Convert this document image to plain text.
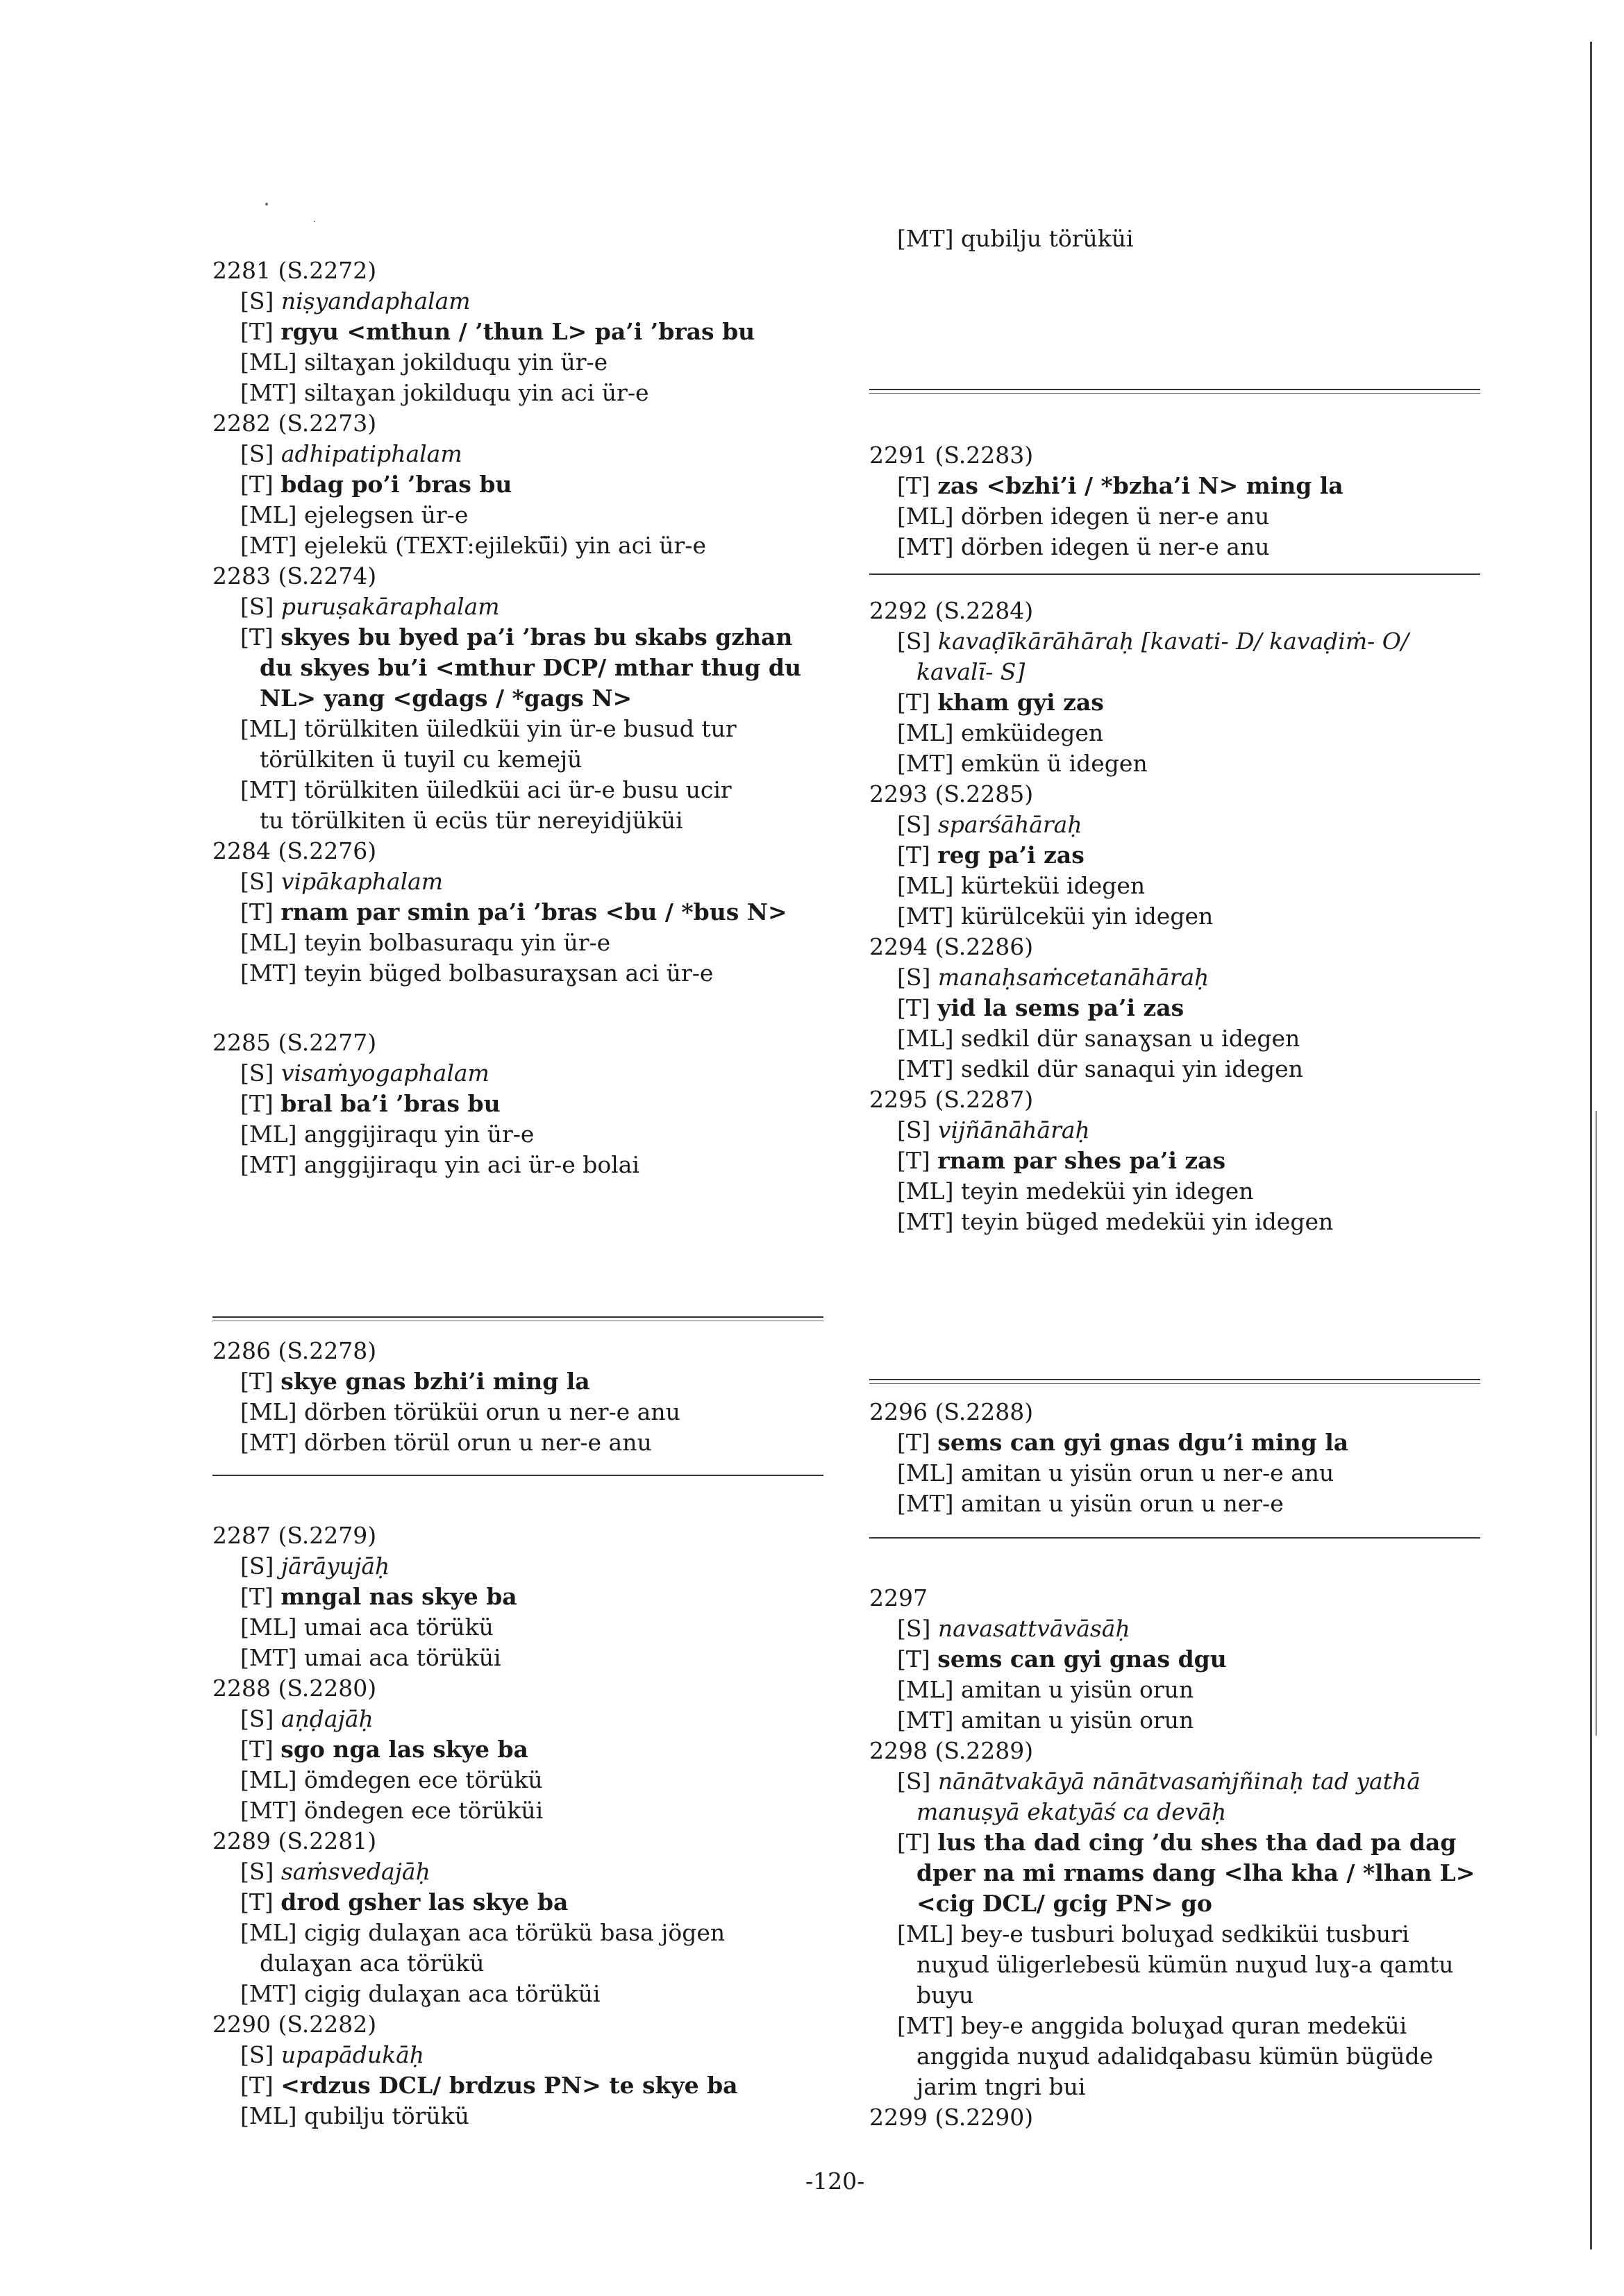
2281 (S.2272)
[S] niṣyandaphalam
[T] rgyu <mthun / ’thun L> pa’i ’bras bu
[ML] siltaɣan jokilduqu yin ür-e
[MT] siltaɣan jokilduqu yin aci ür-e
2282 (S.2273)
[S] adhipatiphalam
[T] bdag po’i ’bras bu
[ML] ejelegsen ür-e
[MT] ejelekü (TEXT:ejilekü̈i) yin aci ür-e
2283 (S.2274)
[S] puruṣakāraphalam
[T] skyes bu byed pa’i ’bras bu skabs gzhan
du skyes bu’i <mthur DCP/ mthar thug du
NL> yang <gdags / *gags N>
[ML] törülkiten üiledküi yin ür-e busud tur
törülkiten ü tuyil cu kemejü
[MT] törülkiten üiledküi aci ür-e busu ucir
tu törülkiten ü ecüs tür nereyidjüküi
2284 (S.2276)
[S] vipākaphalam
[T] rnam par smin pa’i ’bras <bu / *bus N>
[ML] teyin bolbasuraqu yin ür-e
[MT] teyin büged bolbasuraɣsan aci ür-e
2285 (S.2277)
[S] visaṁyogaphalam
[T] bral ba’i ’bras bu
[ML] anggijiraqu yin ür-e
[MT] anggijiraqu yin aci ür-e bolai
2286 (S.2278)
[T] skye gnas bzhi’i ming la
[ML] dörben törüküi orun u ner-e anu
[MT] dörben törül orun u ner-e anu
2287 (S.2279)
[S] jārāyujāḥ
[T] mngal nas skye ba
[ML] umai aca törükü
[MT] umai aca törüküi
2288 (S.2280)
[S] aṇḍajāḥ
[T] sgo nga las skye ba
[ML] ömdegen ece törükü
[MT] öndegen ece törüküi
2289 (S.2281)
[S] saṁsvedajāḥ
[T] drod gsher las skye ba
[ML] cigig dulaɣan aca törükü basa jögen
dulaɣan aca törükü
[MT] cigig dulaɣan aca törüküi
2290 (S.2282)
[S] upapādukāḥ
[T] <rdzus DCL/ brdzus PN> te skye ba
[ML] qubilju törükü
[MT] qubilju törüküi
2291 (S.2283)
[T] zas <bzhi’i / *bzha’i N> ming la
[ML] dörben idegen ü ner-e anu
[MT] dörben idegen ü ner-e anu
2292 (S.2284)
[S] kavaḍīkārāhāraḥ [kavati- D/ kavaḍiṁ- O/
kavalī- S]
[T] kham gyi zas
[ML] emküidegen
[MT] emkün ü idegen
2293 (S.2285)
[S] sparśāhāraḥ
[T] reg pa’i zas
[ML] kürteküi idegen
[MT] kürülceküi yin idegen
2294 (S.2286)
[S] manaḥsaṁcetanāhāraḥ
[T] yid la sems pa’i zas
[ML] sedkil dür sanaɣsan u idegen
[MT] sedkil dür sanaqui yin idegen
2295 (S.2287)
[S] vijñānāhāraḥ
[T] rnam par shes pa’i zas
[ML] teyin medeküi yin idegen
[MT] teyin büged medeküi yin idegen
2296 (S.2288)
[T] sems can gyi gnas dgu’i ming la
[ML] amitan u yisün orun u ner-e anu
[MT] amitan u yisün orun u ner-e
2297
[S] navasattvāvāsāḥ
[T] sems can gyi gnas dgu
[ML] amitan u yisün orun
[MT] amitan u yisün orun
2298 (S.2289)
[S] nānātvakāyā nānātvasaṁjñinaḥ tad yathā
manuṣyā ekatyāś ca devāḥ
[T] lus tha dad cing ’du shes tha dad pa dag
dper na mi rnams dang <lha kha / *lhan L>
<cig DCL/ gcig PN> go
[ML] bey-e tusburi boluɣad sedkiküi tusburi
nuɣud üligerlebesü kümün nuɣud luɣ-a qamtu
buyu
[MT] bey-e anggida boluɣad quran medeküi
anggida nuɣud adalidqabasu kümün bügüde
jarim tngri bui
2299 (S.2290)
-120-
